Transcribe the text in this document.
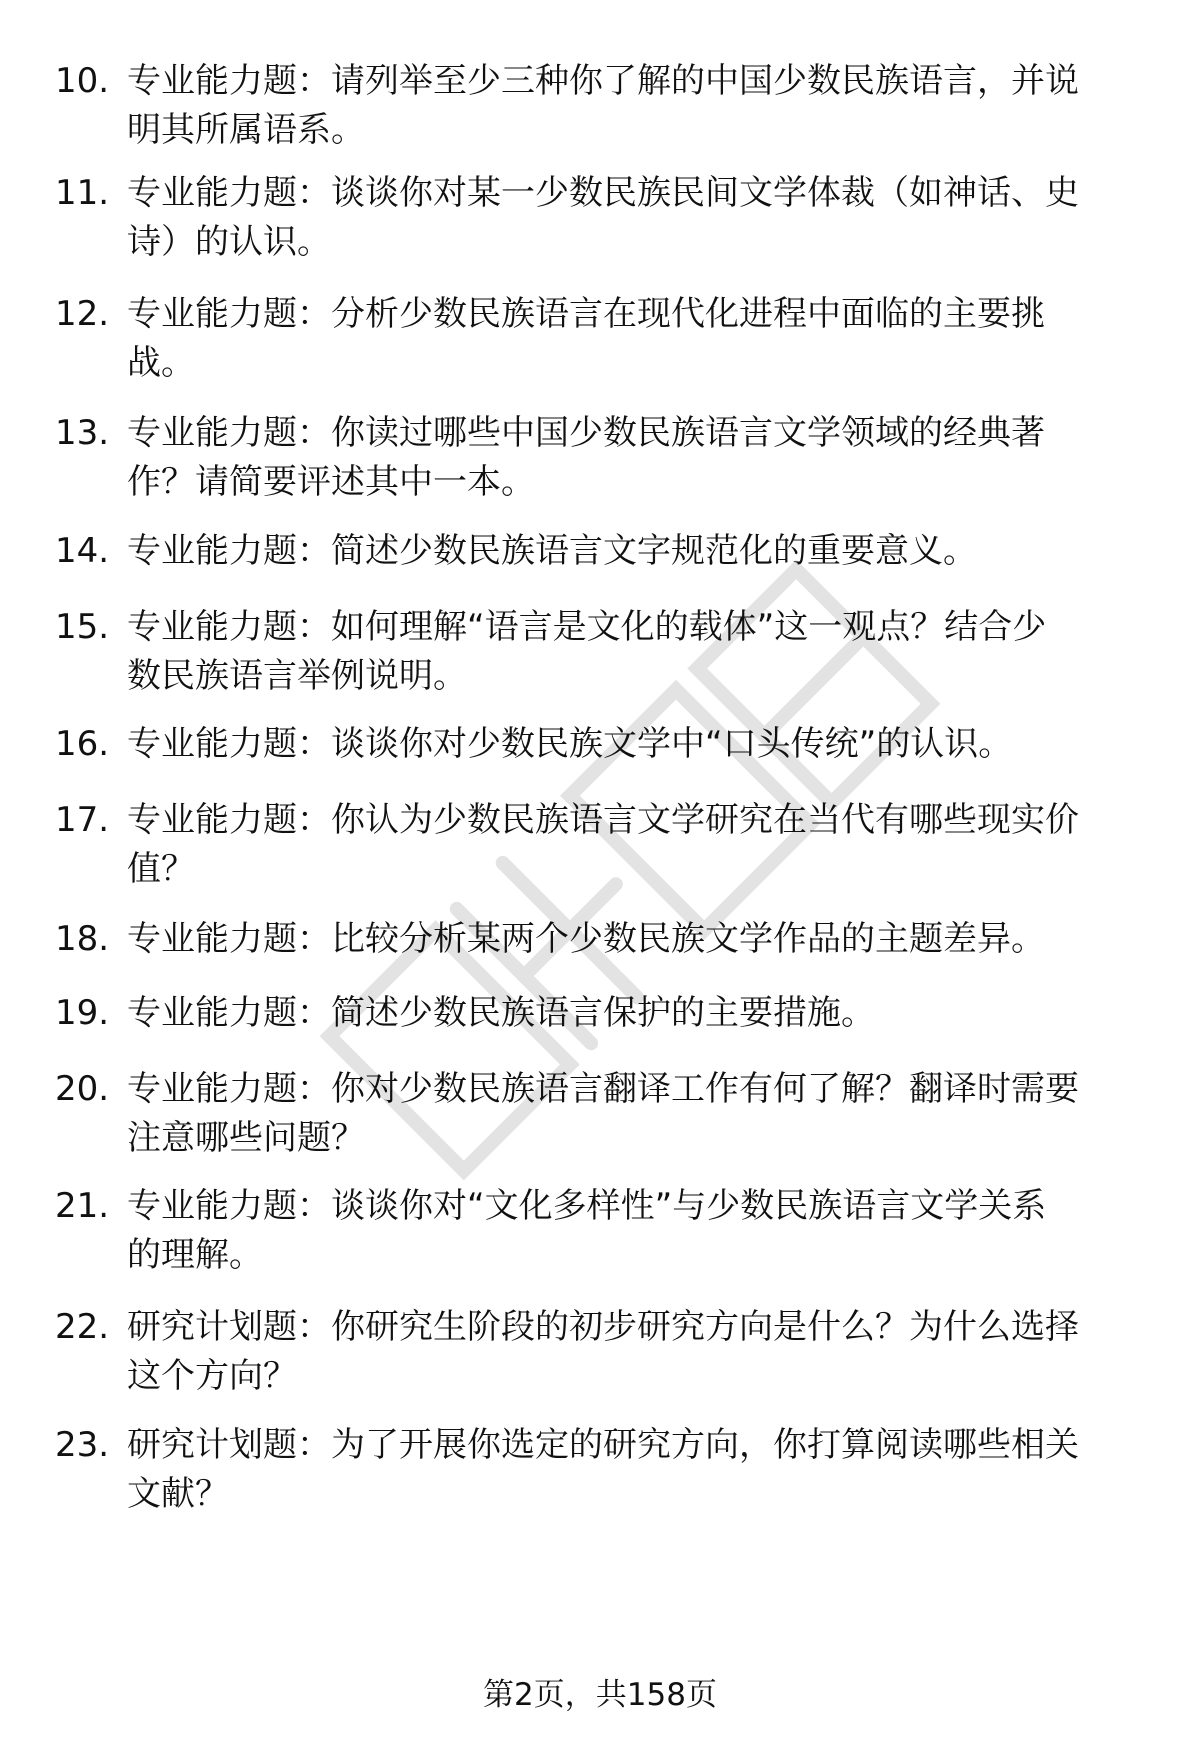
10. 专业能力题：请列举至少三种你了解的中国少数民族语言，并说
明其所属语系。
11. 专业能力题：谈谈你对某一少数民族民间文学体裁（如神话、史
诗）的认识。
12. 专业能力题：分析少数民族语言在现代化进程中面临的主要挑
战。
13. 专业能力题：你读过哪些中国少数民族语言文学领域的经典著
作？请简要评述其中一本。
14. 专业能力题：简述少数民族语言文字规范化的重要意义。
15. 专业能力题：如何理解“语言是文化的载体”这一观点？结合少
数民族语言举例说明。
16. 专业能力题：谈谈你对少数民族文学中“口头传统”的认识。
17. 专业能力题：你认为少数民族语言文学研究在当代有哪些现实价
值？
18. 专业能力题：比较分析某两个少数民族文学作品的主题差异。
19. 专业能力题：简述少数民族语言保护的主要措施。
20. 专业能力题：你对少数民族语言翻译工作有何了解？翻译时需要
注意哪些问题？
21. 专业能力题：谈谈你对“文化多样性”与少数民族语言文学关系
的理解。
22. 研究计划题：你研究生阶段的初步研究方向是什么？为什么选择
这个方向？
23. 研究计划题：为了开展你选定的研究方向，你打算阅读哪些相关
文献？
第2页，共158页
